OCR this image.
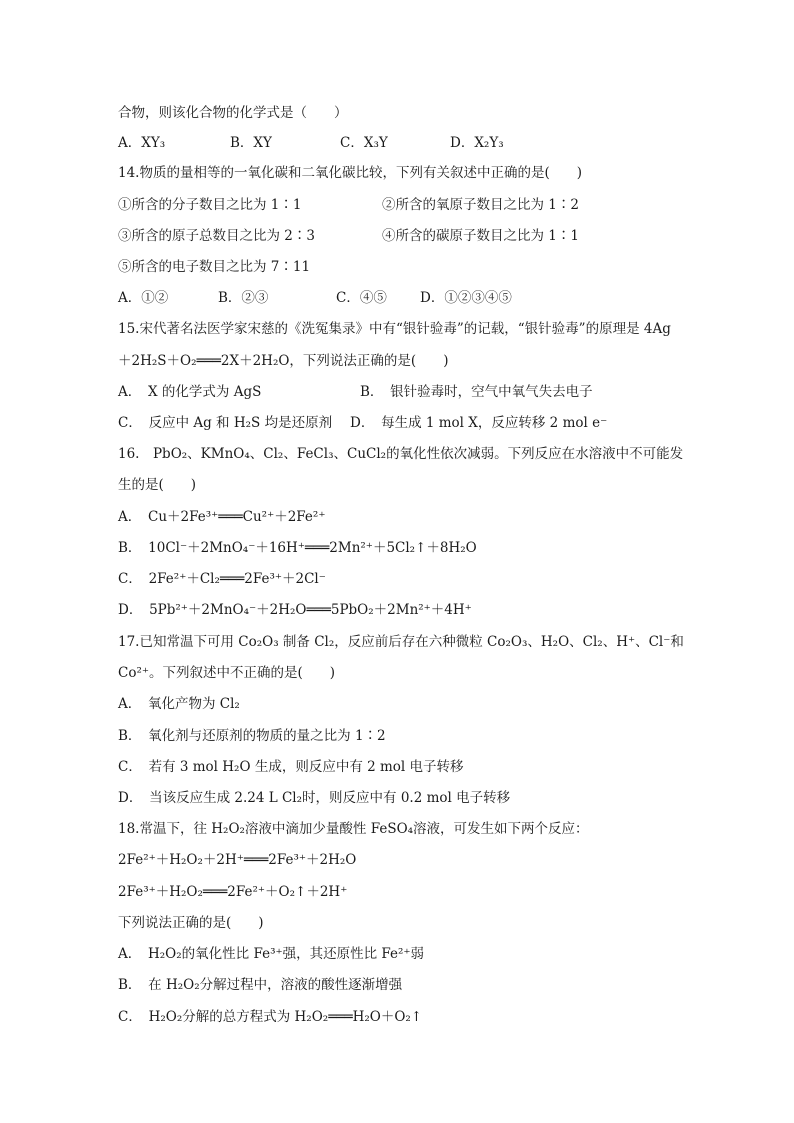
合物，则该化合物的化学式是（　　）
A．XY₃	B．XY	C．X₃Y	D．X₂Y₃
14.物质的量相等的一氧化碳和二氧化碳比较，下列有关叙述中正确的是(　　)
①所含的分子数目之比为 1∶1	②所含的氧原子数目之比为 1∶2
③所含的原子总数目之比为 2∶3	④所含的碳原子数目之比为 1∶1
⑤所含的电子数目之比为 7∶11
A．①②	B．②③	C．④⑤ D．①②③④⑤
15.宋代著名法医学家宋慈的《洗冤集录》中有“银针验毒”的记载，“银针验毒”的原理是 4Ag
＋2H₂S＋O₂═══2X＋2H₂O，下列说法正确的是(　　)
A．　X 的化学式为 AgS	B．　银针验毒时，空气中氧气失去电子
C．　反应中 Ag 和 H₂S 均是还原剂 D．　每生成 1 mol X，反应转移 2 mol e⁻
16.　PbO₂、KMnO₄、Cl₂、FeCl₃、CuCl₂的氧化性依次减弱。下列反应在水溶液中不可能发
生的是(　　)
A．　Cu＋2Fe³⁺═══Cu²⁺＋2Fe²⁺
B．　10Cl⁻＋2MnO₄⁻＋16H⁺═══2Mn²⁺＋5Cl₂↑＋8H₂O
C．　2Fe²⁺＋Cl₂═══2Fe³⁺＋2Cl⁻
D．　5Pb²⁺＋2MnO₄⁻＋2H₂O═══5PbO₂＋2Mn²⁺＋4H⁺
17.已知常温下可用 Co₂O₃ 制备 Cl₂，反应前后存在六种微粒 Co₂O₃、H₂O、Cl₂、H⁺、Cl⁻和
Co²⁺。下列叙述中不正确的是(　　)
A．　氧化产物为 Cl₂
B．　氧化剂与还原剂的物质的量之比为 1∶2
C．　若有 3 mol H₂O 生成，则反应中有 2 mol 电子转移
D．　当该反应生成 2.24 L Cl₂时，则反应中有 0.2 mol 电子转移
18.常温下，往 H₂O₂溶液中滴加少量酸性 FeSO₄溶液，可发生如下两个反应：
2Fe²⁺＋H₂O₂＋2H⁺═══2Fe³⁺＋2H₂O
2Fe³⁺＋H₂O₂═══2Fe²⁺＋O₂↑＋2H⁺
下列说法正确的是(　　)
A．　H₂O₂的氧化性比 Fe³⁺强，其还原性比 Fe²⁺弱
B．　在 H₂O₂分解过程中，溶液的酸性逐渐增强
C．　H₂O₂分解的总方程式为 H₂O₂═══H₂O＋O₂↑
